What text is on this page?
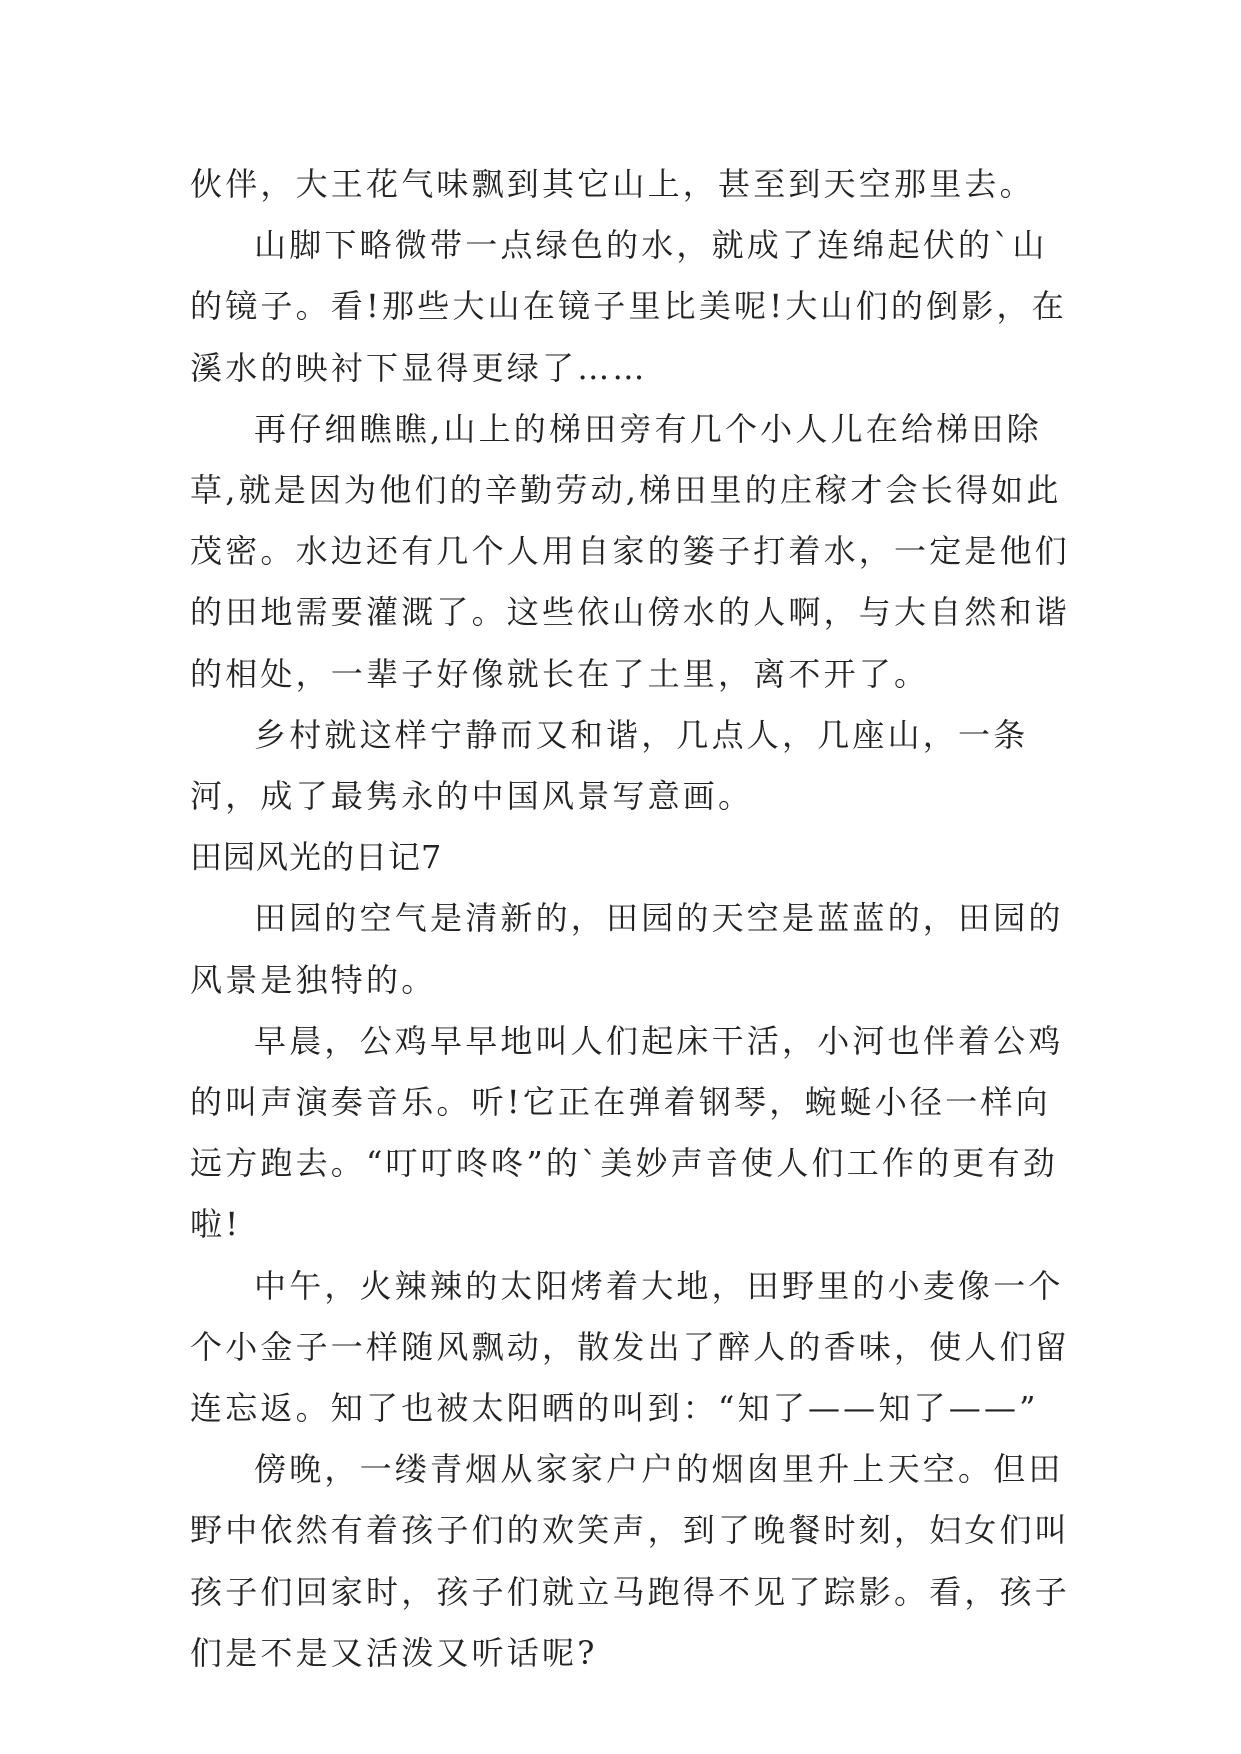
伙伴，大王花气味飘到其它山上，甚至到天空那里去。

山脚下略微带一点绿色的水，就成了连绵起伏的`山的镜子。看!那些大山在镜子里比美呢!大山们的倒影，在溪水的映衬下显得更绿了……

再仔细瞧瞧,山上的梯田旁有几个小人儿在给梯田除草,就是因为他们的辛勤劳动,梯田里的庄稼才会长得如此茂密。水边还有几个人用自家的篓子打着水，一定是他们的田地需要灌溉了。这些依山傍水的人啊，与大自然和谐的相处，一辈子好像就长在了土里，离不开了。

乡村就这样宁静而又和谐，几点人，几座山，一条河，成了最隽永的中国风景写意画。

田园风光的日记7

田园的空气是清新的，田园的天空是蓝蓝的，田园的风景是独特的。

早晨，公鸡早早地叫人们起床干活，小河也伴着公鸡的叫声演奏音乐。听!它正在弹着钢琴，蜿蜒小径一样向远方跑去。“叮叮咚咚”的`美妙声音使人们工作的更有劲啦!

中午，火辣辣的太阳烤着大地，田野里的小麦像一个个小金子一样随风飘动，散发出了醉人的香味，使人们留连忘返。知了也被太阳晒的叫到：“知了——知了——”

傍晚，一缕青烟从家家户户的烟囱里升上天空。但田野中依然有着孩子们的欢笑声，到了晚餐时刻，妇女们叫孩子们回家时，孩子们就立马跑得不见了踪影。看，孩子们是不是又活泼又听话呢?
